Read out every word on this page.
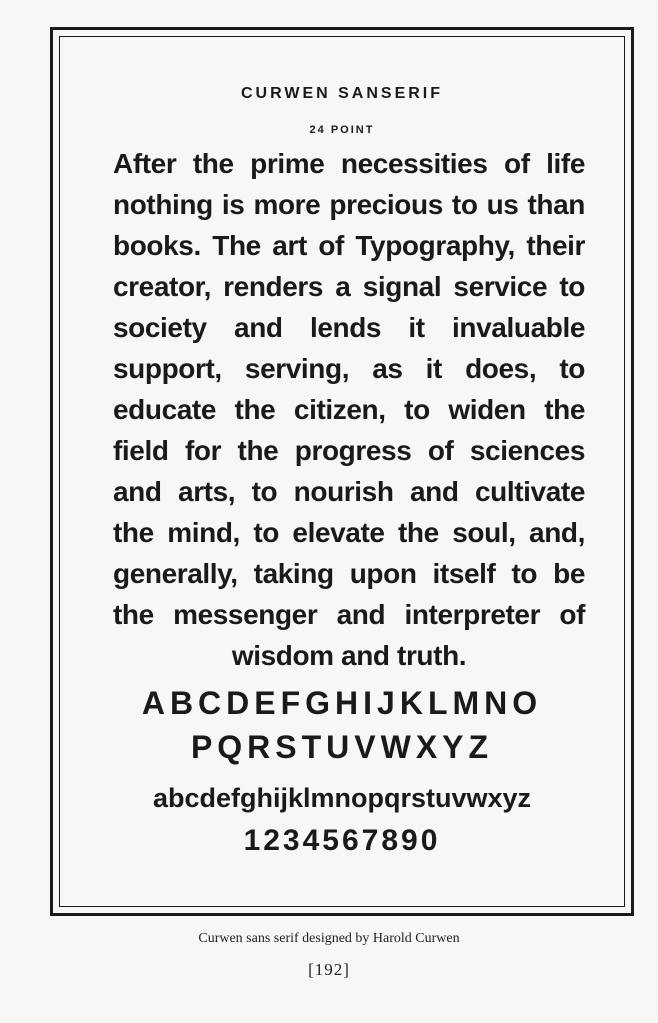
CURWEN SANSERIF
24 POINT
After the prime necessities of life nothing is more precious to us than books. The art of Typography, their creator, renders a signal service to society and lends it invaluable support, serving, as it does, to educate the citizen, to widen the field for the progress of sciences and arts, to nourish and cultivate the mind, to elevate the soul, and, generally, taking upon itself to be the messenger and interpreter of wisdom and truth.
ABCDEFGHIJKLMNO
PQRSTUVWXYZ
abcdefghijklmnopqrstuvwxyz
1234567890
Curwen sans serif designed by Harold Curwen
[192]
